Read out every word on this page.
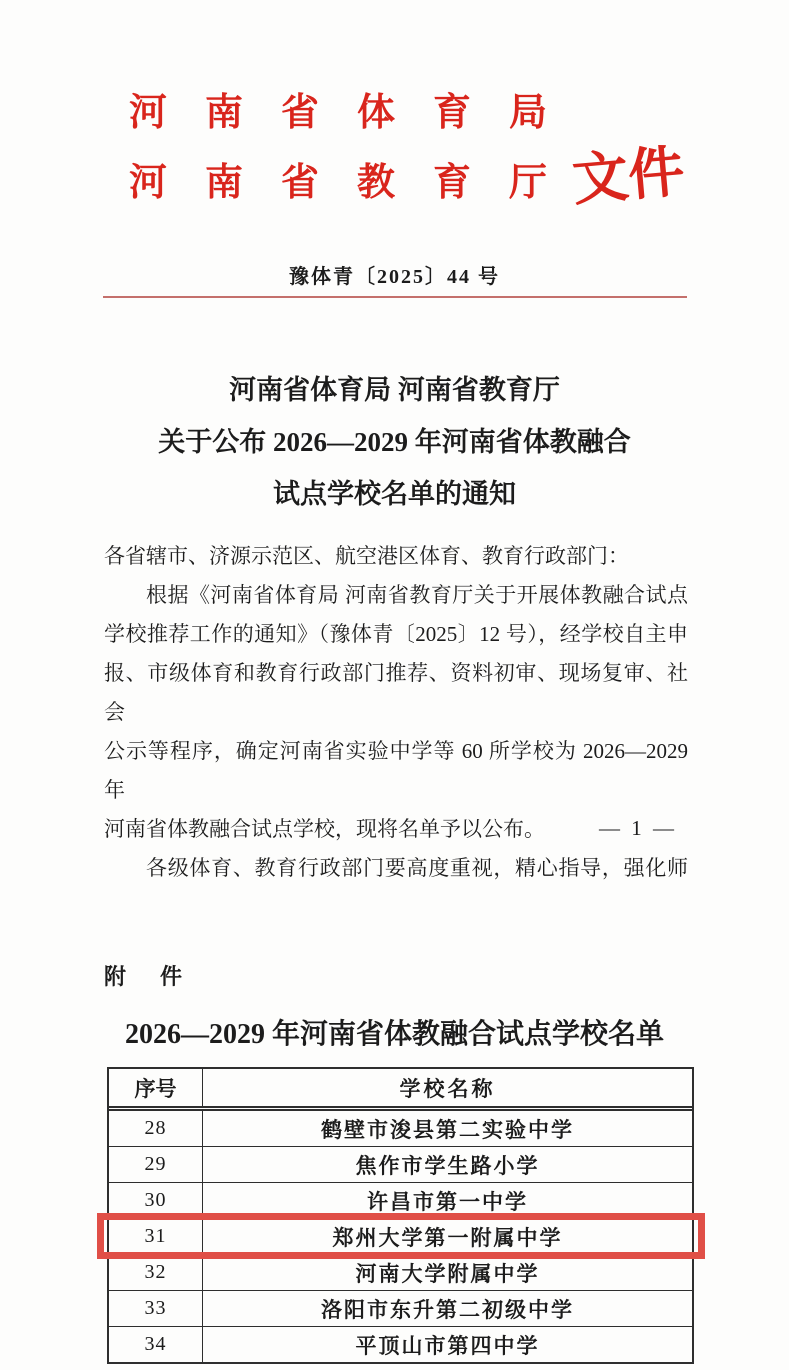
河南省体育局
河南省教育厅
文件
豫体青〔2025〕44 号
河南省体育局 河南省教育厅
关于公布 2026—2029 年河南省体教融合
试点学校名单的通知
各省辖市、济源示范区、航空港区体育、教育行政部门：
根据《河南省体育局 河南省教育厅关于开展体教融合试点
学校推荐工作的通知》（豫体青〔2025〕12 号），经学校自主申
报、市级体育和教育行政部门推荐、资料初审、现场复审、社会
公示等程序，确定河南省实验中学等 60 所学校为 2026—2029 年
河南省体教融合试点学校，现将名单予以公布。
各级体育、教育行政部门要高度重视，精心指导，强化师
— 1 —
附　件
2026—2029 年河南省体教融合试点学校名单
序号	学校名称
28	鹤壁市浚县第二实验中学
29	焦作市学生路小学
30	许昌市第一中学
31	郑州大学第一附属中学
32	河南大学附属中学
33	洛阳市东升第二初级中学
34	平顶山市第四中学
